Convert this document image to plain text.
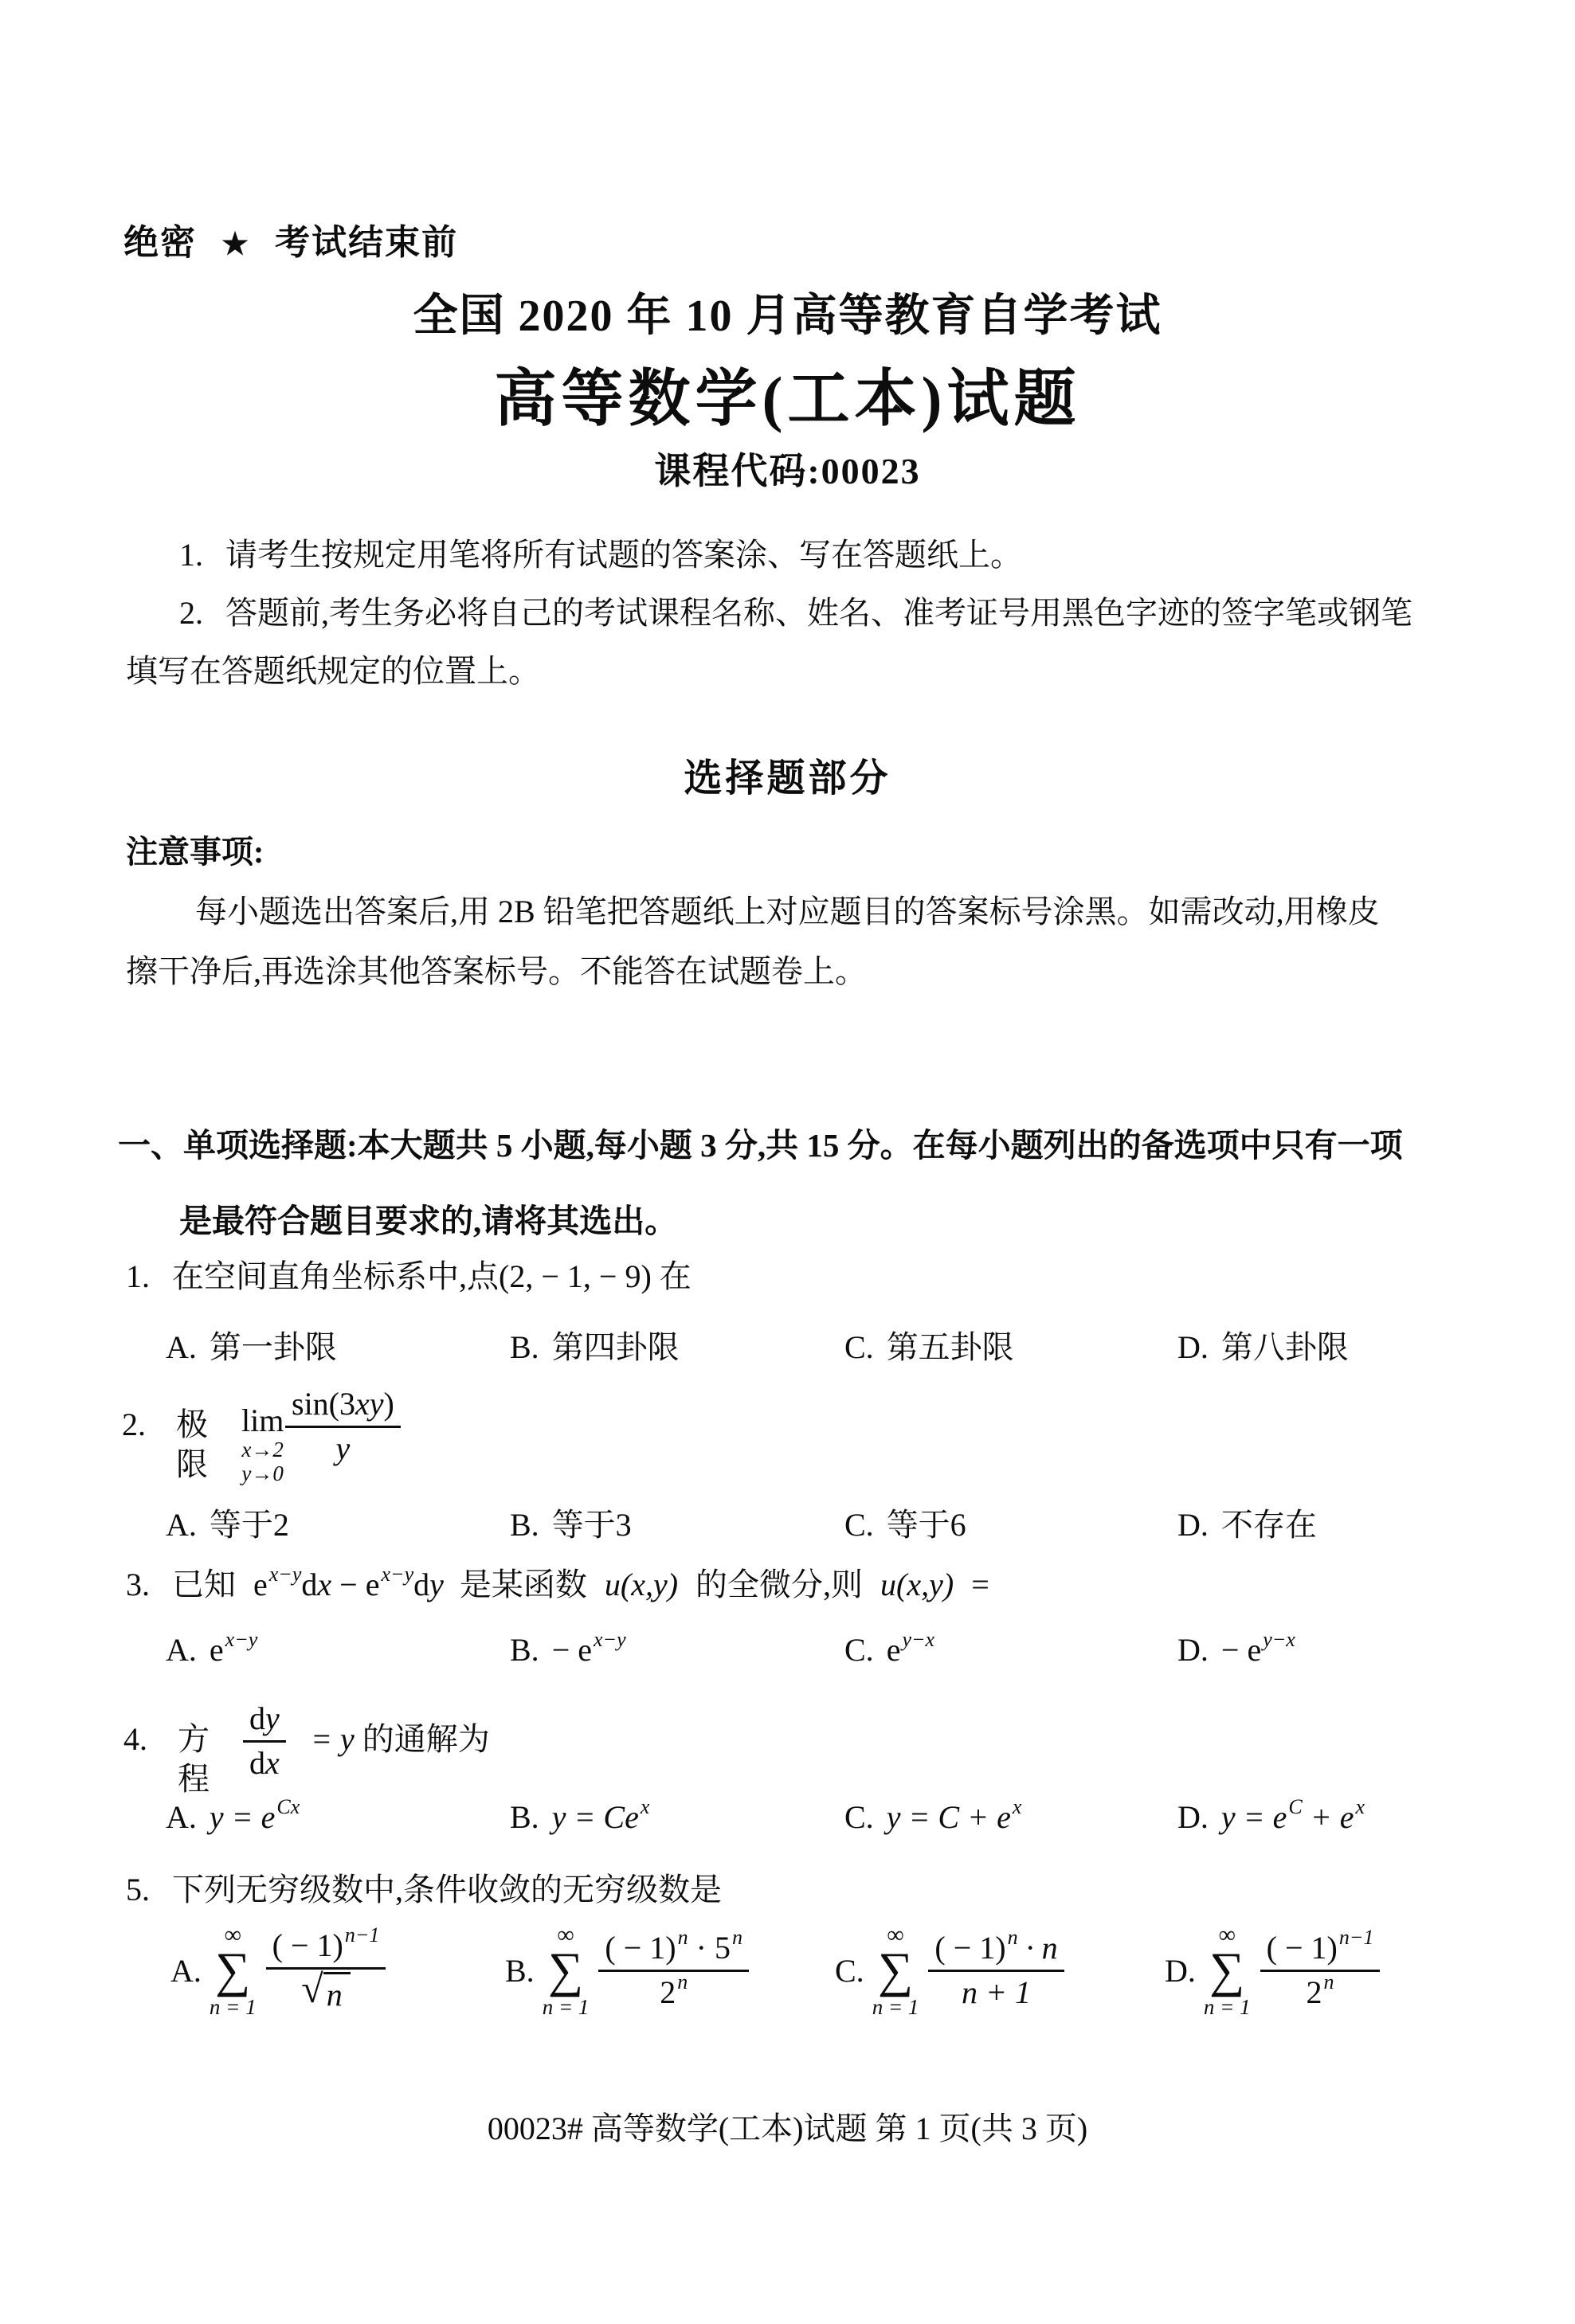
绝密 ★ 考试结束前
全国 2020 年 10 月高等教育自学考试
高等数学(工本)试题
课程代码:00023
1. 请考生按规定用笔将所有试题的答案涂、写在答题纸上。
2. 答题前,考生务必将自己的考试课程名称、姓名、准考证号用黑色字迹的签字笔或钢笔
填写在答题纸规定的位置上。
选择题部分
注意事项:
每小题选出答案后,用 2B 铅笔把答题纸上对应题目的答案标号涂黑。如需改动,用橡皮
擦干净后,再选涂其他答案标号。不能答在试题卷上。
一、单项选择题:本大题共 5 小题,每小题 3 分,共 15 分。在每小题列出的备选项中只有一项
是最符合题目要求的,请将其选出。
1. 在空间直角坐标系中,点(2, − 1, − 9) 在
A. 第一卦限	B. 第四卦限	C. 第五卦限	D. 第八卦限
2. 极限
lim
x→2
y→0
$\frac{\sin(3xy)}{y}$
A. 等于2	B. 等于3	C. 等于6	D. 不存在
3. 已知 $e^{x-y}dx - e^{x-y}dy$ 是某函数 u(x,y) 的全微分,则 u(x,y) =
A. $e^{x-y}$	B. − $e^{x-y}$	C. $e^{y-x}$	D. − $e^{y-x}$
4. 方程 $\frac{dy}{dx} = y$ 的通解为
A. $y = e^{Cx}$	B. $y = Ce^x$	C. $y = C + e^x$	D. $y = e^C + e^x$
5. 下列无穷级数中,条件收敛的无穷级数是
A.
∞
∑
$n = 1 \frac{( - 1)^{n-1}}{√ n}$	B.
∞
∑
$n = 1 \frac{( - 1)^n \cdot 5^n}{2^n}$	C.
∞
∑
$n = 1 \frac{( - 1)^n \cdot n}{n + 1}$	D.
∞
∑
$n = 1 \frac{( - 1)^{n-1}}{2^n}$
00023# 高等数学(工本)试题 第 1 页(共 3 页)
